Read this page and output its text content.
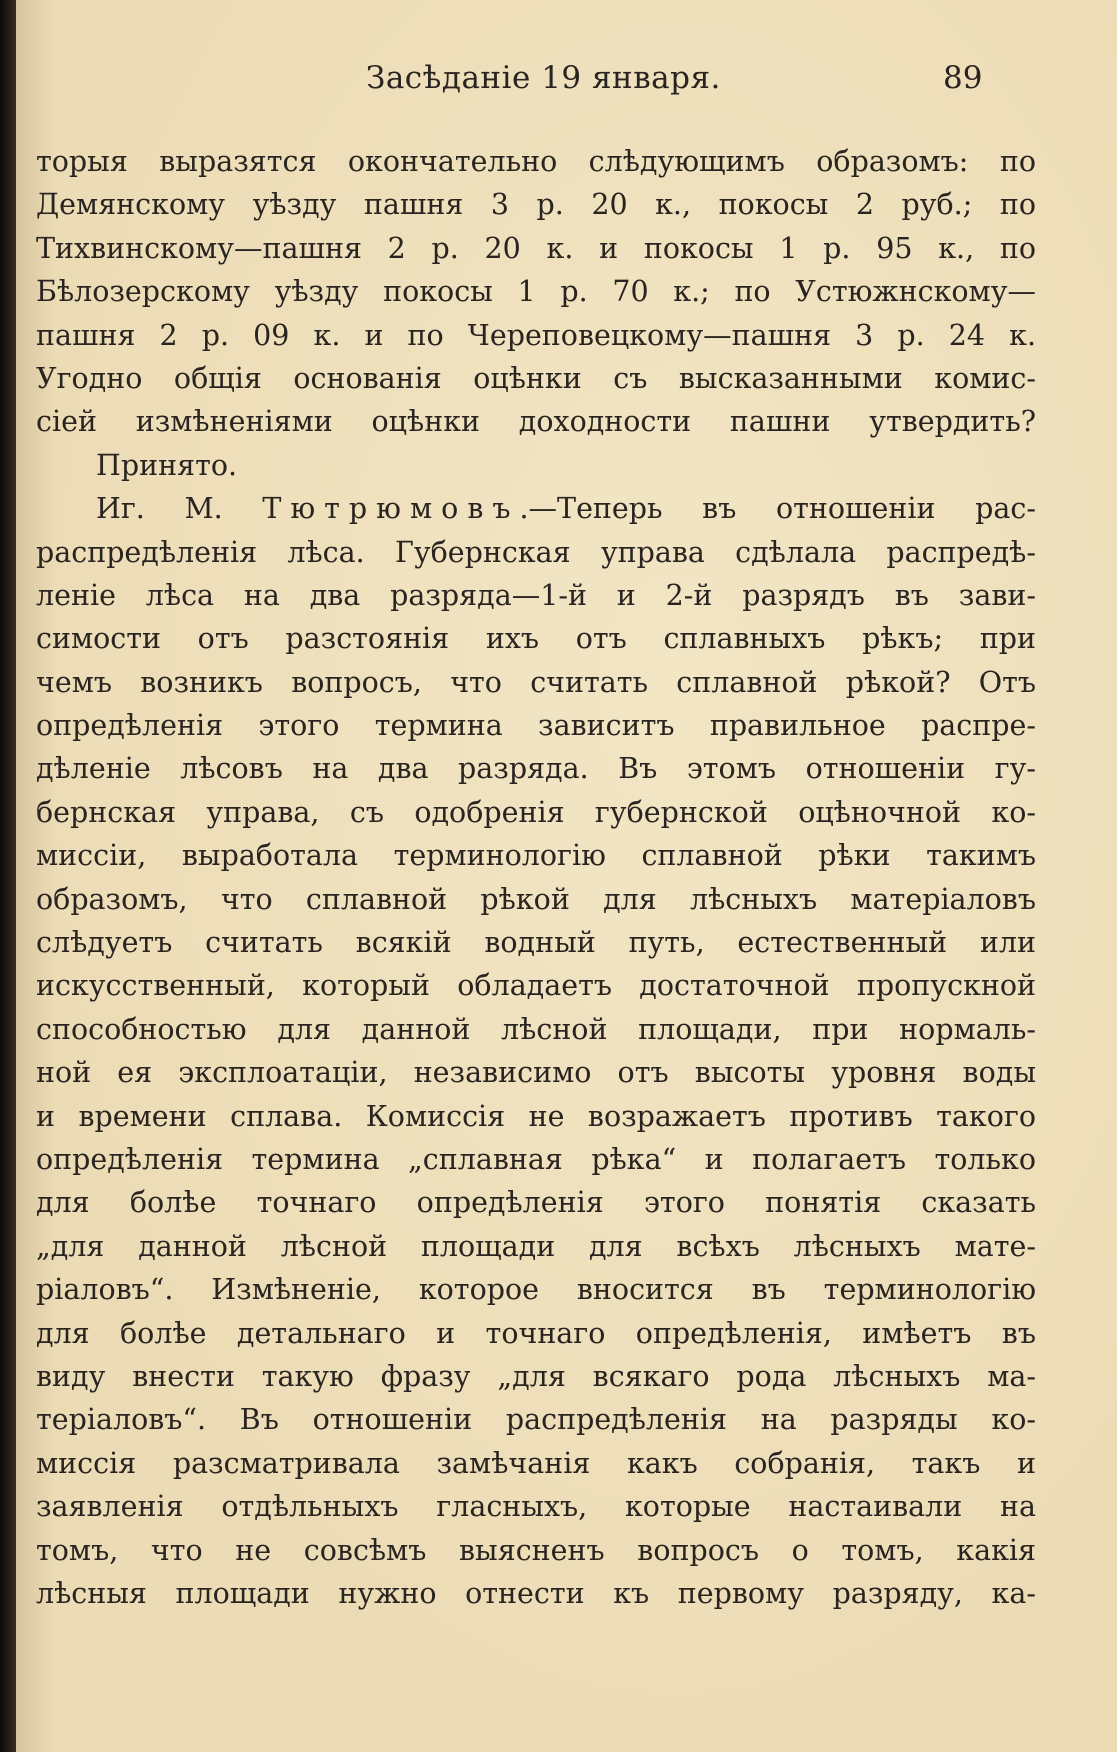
Засѣданіе 19 января.	89
торыя выразятся окончательно слѣдующимъ образомъ: по
Демянскому уѣзду пашня 3 р. 20 к., покосы 2 руб.; по
Тихвинскому—пашня 2 р. 20 к. и покосы 1 р. 95 к., по
Бѣлозерскому уѣзду покосы 1 р. 70 к.; по Устюжнскому—
пашня 2 р. 09 к. и по Череповецкому—пашня 3 р. 24 к.
Угодно общія основанія оцѣнки съ высказанными комис-
сіей измѣненіями оцѣнки доходности пашни утвердить?
Принято.
Иг. М. Тютрюмовъ.—Теперь въ отношеніи рас-
распредѣленія лѣса. Губернская управа сдѣлала распредѣ-
леніе лѣса на два разряда—1-й и 2-й разрядъ въ зави-
симости отъ разстоянія ихъ отъ сплавныхъ рѣкъ; при
чемъ возникъ вопросъ, что считать сплавной рѣкой? Отъ
опредѣленія этого термина зависитъ правильное распре-
дѣленіе лѣсовъ на два разряда. Въ этомъ отношеніи гу-
бернская управа, съ одобренія губернской оцѣночной ко-
миссіи, выработала терминологію сплавной рѣки такимъ
образомъ, что сплавной рѣкой для лѣсныхъ матеріаловъ
слѣдуетъ считать всякій водный путь, естественный или
искусственный, который обладаетъ достаточной пропускной
способностью для данной лѣсной площади, при нормаль-
ной ея эксплоатаціи, независимо отъ высоты уровня воды
и времени сплава. Комиссія не возражаетъ противъ такого
опредѣленія термина „сплавная рѣка“ и полагаетъ только
для болѣе точнаго опредѣленія этого понятія сказать
„для данной лѣсной площади для всѣхъ лѣсныхъ мате-
ріаловъ“. Измѣненіе, которое вносится въ терминологію
для болѣе детальнаго и точнаго опредѣленія, имѣетъ въ
виду внести такую фразу „для всякаго рода лѣсныхъ ма-
теріаловъ“. Въ отношеніи распредѣленія на разряды ко-
миссія разсматривала замѣчанія какъ собранія, такъ и
заявленія отдѣльныхъ гласныхъ, которые настаивали на
томъ, что не совсѣмъ выясненъ вопросъ о томъ, какія
лѣсныя площади нужно отнести къ первому разряду, ка-
